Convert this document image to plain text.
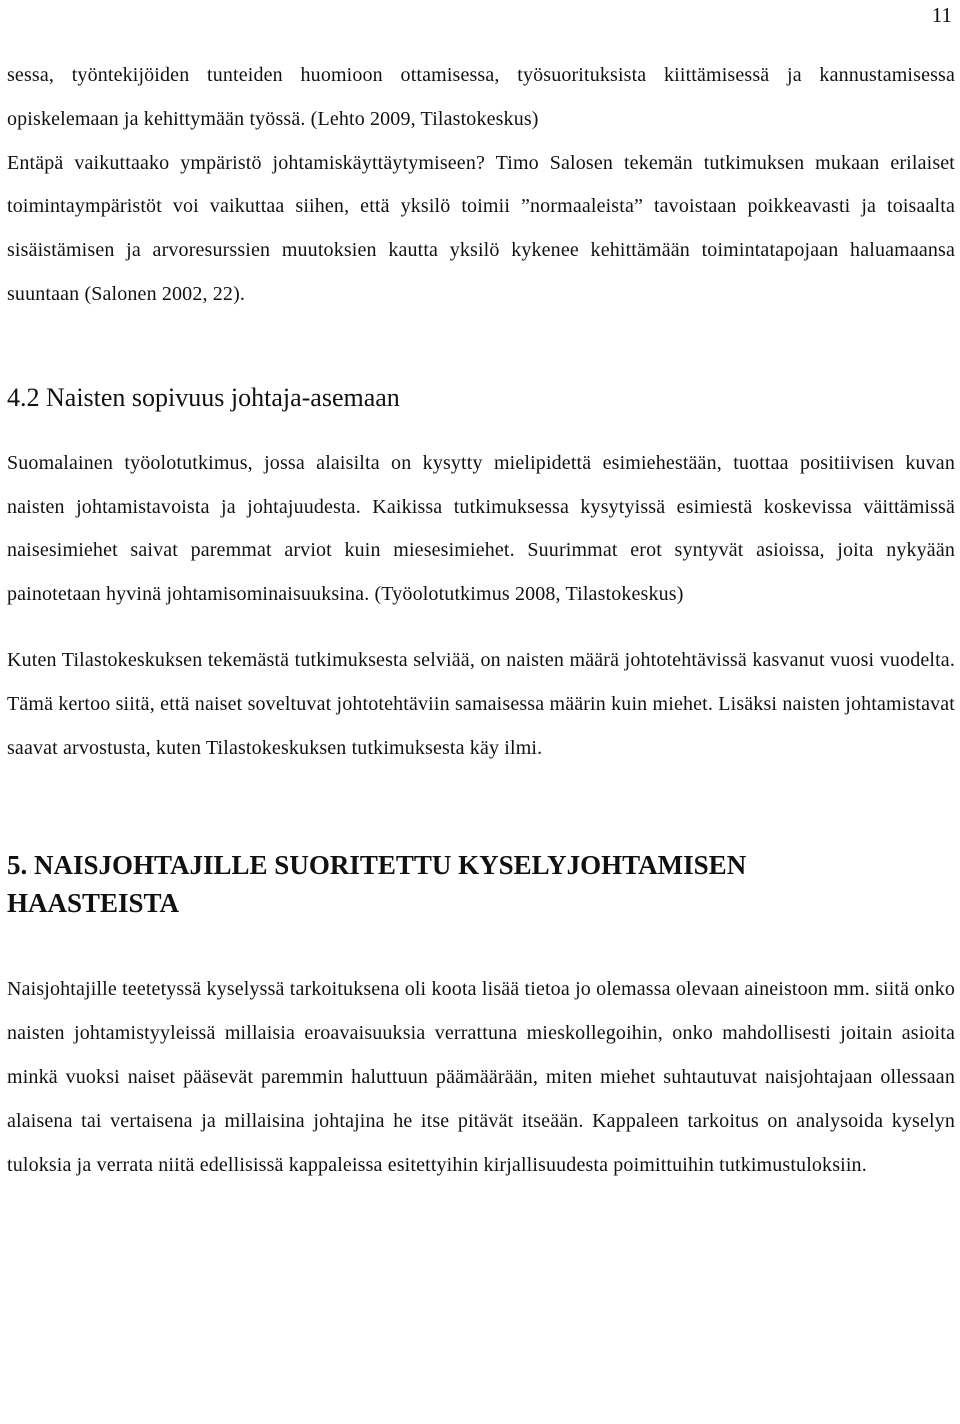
11

sessa, työntekijöiden tunteiden huomioon ottamisessa, työsuorituksista kiittämisessä ja kannustamisessa opiskelemaan ja kehittymään työssä. (Lehto 2009, Tilastokeskus)

Entäpä vaikuttaako ympäristö johtamiskäyttäytymiseen? Timo Salosen tekemän tutkimuksen mukaan erilaiset toimintaympäristöt voi vaikuttaa siihen, että yksilö toimii ”normaaleista” tavoistaan poikkeavasti ja toisaalta sisäistämisen ja arvoresurssien muutoksien kautta yksilö kykenee kehittämään toimintatapojaan haluamaansa suuntaan (Salonen 2002, 22).

4.2 Naisten sopivuus johtaja-asemaan

Suomalainen työolotutkimus, jossa alaisilta on kysytty mielipidettä esimiehestään, tuottaa positiivisen kuvan naisten johtamistavoista ja johtajuudesta. Kaikissa tutkimuksessa kysytyissä esimiestä koskevissa väittämissä naisesimiehet saivat paremmat arviot kuin miesesimiehet. Suurimmat erot syntyvät asioissa, joita nykyään painotetaan hyvinä johtamisominaisuuksina. (Työolotutkimus 2008, Tilastokeskus)

Kuten Tilastokeskuksen tekemästä tutkimuksesta selviää, on naisten määrä johtotehtävissä kasvanut vuosi vuodelta. Tämä kertoo siitä, että naiset soveltuvat johtotehtäviin samaisessa määrin kuin miehet. Lisäksi naisten johtamistavat saavat arvostusta, kuten Tilastokeskuksen tutkimuksesta käy ilmi.

5. NAISJOHTAJILLE SUORITETTU KYSELYJOHTAMISEN
HAASTEISTA

Naisjohtajille teetetyssä kyselyssä tarkoituksena oli koota lisää tietoa jo olemassa olevaan aineistoon mm. siitä onko naisten johtamistyyleissä millaisia eroavaisuuksia verrattuna mieskollegoihin, onko mahdollisesti joitain asioita minkä vuoksi naiset pääsevät paremmin haluttuun päämäärään, miten miehet suhtautuvat naisjohtajaan ollessaan alaisena tai vertaisena ja millaisina johtajina he itse pitävät itseään. Kappaleen tarkoitus on analysoida kyselyn tuloksia ja verrata niitä edellisissä kappaleissa esitettyihin kirjallisuudesta poimittuihin tutkimustuloksiin.
